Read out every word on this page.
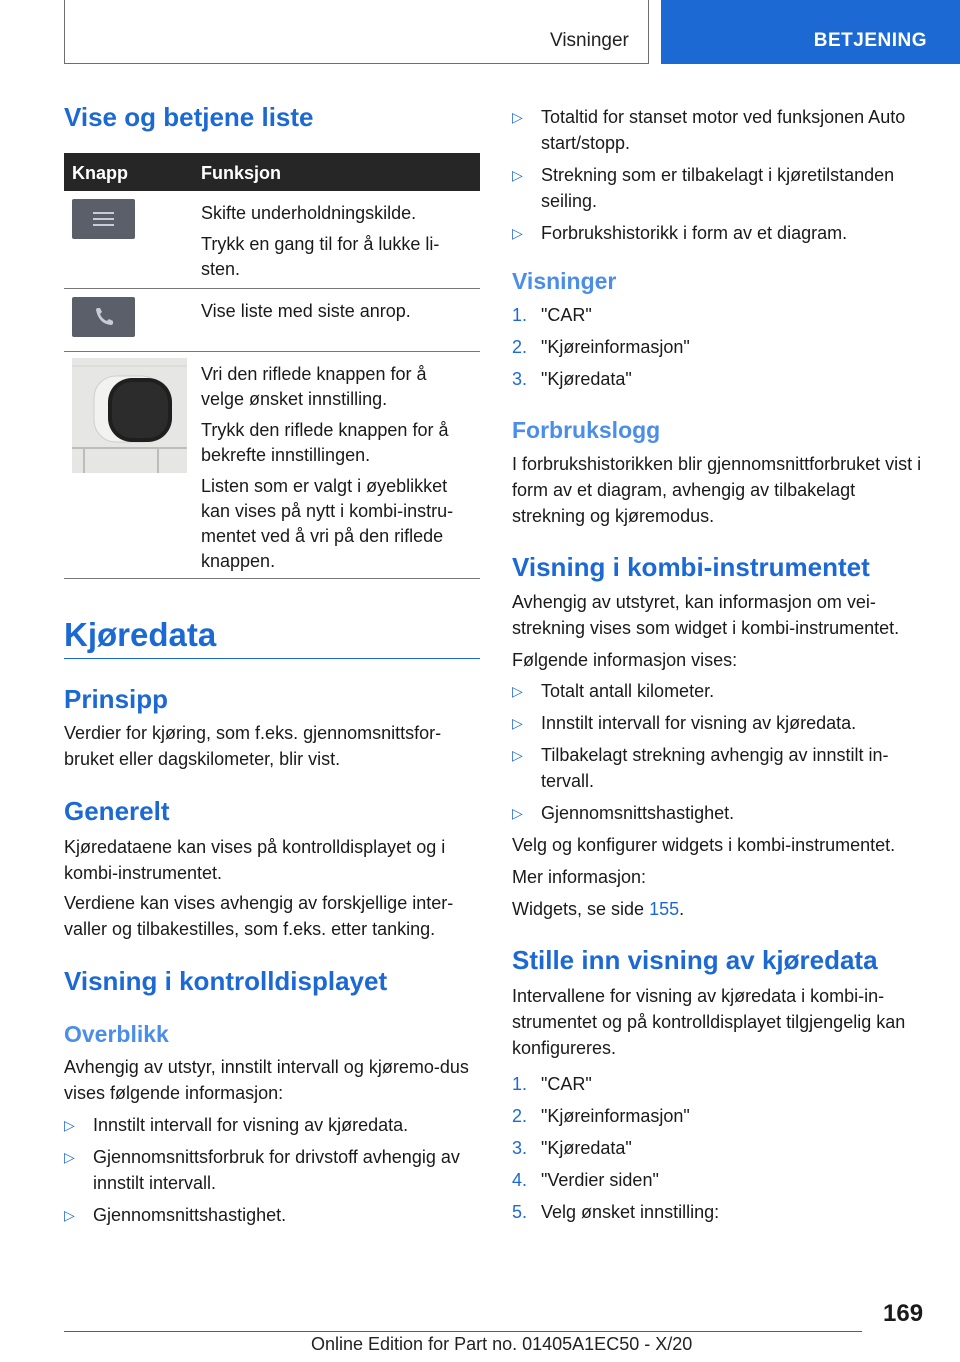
Visninger	BETJENING
Vise og betjene liste
Knapp	Funksjon

Skifte underholdningskilde.

Trykk en gang til for å lukke li-sten.

Vise liste med siste anrop.

Vri den riflede knappen for å velge ønsket innstilling.

Trykk den riflede knappen for å bekrefte innstillingen.

Listen som er valgt i øyeblikket kan vises på nytt i kombi-instru-mentet ved å vri på den riflede knappen.

Kjøredata
Prinsipp

Verdier for kjøring, som f.eks. gjennomsnittsfor-bruket eller dagskilometer, blir vist.

Generelt

Kjøredataene kan vises på kontrolldisplayet og i kombi-instrumentet.

Verdiene kan vises avhengig av forskjellige inter-valler og tilbakestilles, som f.eks. etter tanking.

Visning i kontrolldisplayet
Overblikk

Avhengig av utstyr, innstilt intervall og kjøremo-dus vises følgende informasjon:

▷ Innstilt intervall for visning av kjøredata.
▷ Gjennomsnittsforbruk for drivstoff avhengig av innstilt intervall.
▷ Gjennomsnittshastighet.
▷ Totaltid for stanset motor ved funksjonen Auto start/stopp.
▷ Strekning som er tilbakelagt i kjøretilstanden seiling.
▷ Forbrukshistorikk i form av et diagram.
Visninger
1. "CAR"
2. "Kjøreinformasjon"
3. "Kjøredata"
Forbrukslogg

I forbrukshistorikken blir gjennomsnittforbruket vist i form av et diagram, avhengig av tilbakelagt strekning og kjøremodus.

Visning i kombi-instrumentet

Avhengig av utstyret, kan informasjon om vei-strekning vises som widget i kombi-instrumentet.

Følgende informasjon vises:

▷ Totalt antall kilometer.
▷ Innstilt intervall for visning av kjøredata.
▷ Tilbakelagt strekning avhengig av innstilt in-tervall.
▷ Gjennomsnittshastighet.

Velg og konfigurer widgets i kombi-instrumentet.

Mer informasjon:

Widgets, se side 155.

Stille inn visning av kjøredata

Intervallene for visning av kjøredata i kombi-in-strumentet og på kontrolldisplayet tilgjengelig kan konfigureres.

1. "CAR"
2. "Kjøreinformasjon"
3. "Kjøredata"
4. "Verdier siden"
5. Velg ønsket innstilling:
169
Online Edition for Part no. 01405A1EC50 - X/20
